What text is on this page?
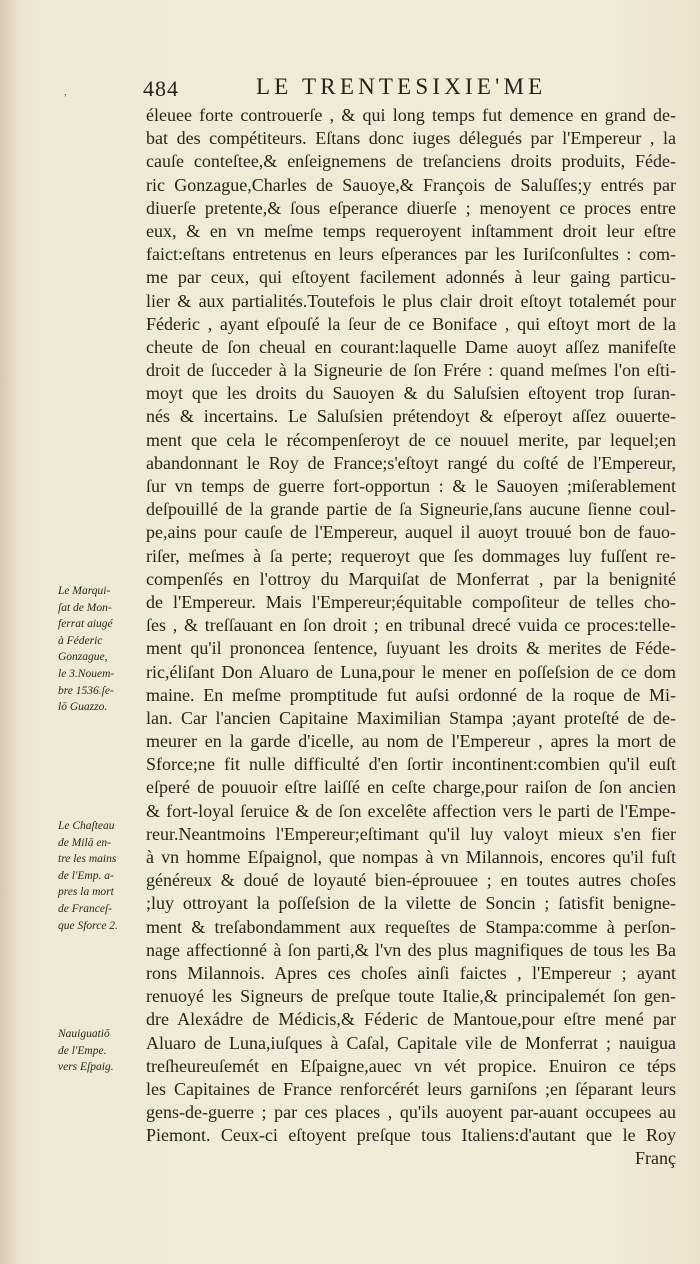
,	484	LE TRENTESIXIE'ME
éleuee forte controuerſe , & qui long temps fut demence en grand de-
bat des compétiteurs. Eſtans donc iuges délegués par l'Empereur , la
cauſe conteſtee,& enſeignemens de treſanciens droits produits, Féde-
ric Gonzague,Charles de Sauoye,& François de Saluſſes;y entrés par
diuerſe pretente,& ſous eſperance diuerſe ; menoyent ce proces entre
eux, & en vn meſme temps requeroyent inſtamment droit leur eſtre
faict:eſtans entretenus en leurs eſperances par les Iuriſconſultes : com-
me par ceux, qui eſtoyent facilement adonnés à leur gaing particu-
lier & aux partialités.Toutefois le plus clair droit eſtoyt totalemét pour
Féderic , ayant eſpouſé la ſeur de ce Boniface , qui eſtoyt mort de la
cheute de ſon cheual en courant:laquelle Dame auoyt aſſez manifeſte
droit de ſucceder à la Signeurie de ſon Frére : quand meſmes l'on eſti-
moyt que les droits du Sauoyen & du Saluſsien eſtoyent trop ſuran-
nés & incertains. Le Saluſsien prétendoyt & eſperoyt aſſez ouuerte-
ment que cela le récompenſeroyt de ce nouuel merite, par lequel;en
abandonnant le Roy de France;s'eſtoyt rangé du coſté de l'Empereur,
ſur vn temps de guerre fort-opportun : & le Sauoyen ;miſerablement
deſpouillé de la grande partie de ſa Signeurie,ſans aucune ſienne coul-
pe,ains pour cauſe de l'Empereur, auquel il auoyt trouué bon de fauo-
riſer, meſmes à ſa perte; requeroyt que ſes dommages luy fuſſent re-
compenſés en l'ottroy du Marquiſat de Monferrat , par la benignité
de l'Empereur. Mais l'Empereur;équitable compoſiteur de telles cho-
ſes , & treſſauant en ſon droit ; en tribunal drecé vuida ce proces:telle-
ment qu'il prononcea ſentence, ſuyuant les droits & merites de Féde-
ric,éliſant Don Aluaro de Luna,pour le mener en poſſeſsion de ce dom
maine. En meſme promptitude fut auſsi ordonné de la roque de Mi-
lan. Car l'ancien Capitaine Maximilian Stampa ;ayant proteſté de de-
meurer en la garde d'icelle, au nom de l'Empereur , apres la mort de
Sforce;ne fit nulle difficulté d'en ſortir incontinent:combien qu'il euſt
eſperé de pouuoir eſtre laiſſé en ceſte charge,pour raiſon de ſon ancien
& fort-loyal ſeruice & de ſon excelête affection vers le parti de l'Empe-
reur.Neantmoins l'Empereur;eſtimant qu'il luy valoyt mieux s'en fier
à vn homme Eſpaignol, que nompas à vn Milannois, encores qu'il fuſt
généreux & doué de loyauté bien-éprouuee ; en toutes autres choſes
;luy ottroyant la poſſeſsion de la vilette de Soncin ; ſatisfit benigne-
ment & treſabondamment aux requeſtes de Stampa:comme à perſon-
nage affectionné à ſon parti,& l'vn des plus magnifiques de tous les Ba
rons Milannois. Apres ces choſes ainſi faictes , l'Empereur ; ayant
renuoyé les Signeurs de preſque toute Italie,& principalemét ſon gen-
dre Alexádre de Médicis,& Féderic de Mantoue,pour eſtre mené par
Aluaro de Luna,iuſques à Caſal, Capitale vile de Monferrat ; nauigua
treſheureuſemét en Eſpaigne,auec vn vét propice. Enuiron ce téps
les Capitaines de France renforcérét leurs garniſons ;en ſéparant leurs
gens-de-guerre ; par ces places , qu'ils auoyent par-auant occupees au
Piemont. Ceux-ci eſtoyent preſque tous Italiens:d'autant que le Roy
Franç
Le Marqui-
ſat de Mon-
ferrat aiugé
à Féderic
Gonzague,
le 3.Nouem-
bre 1536.ſe-
lō Guazzo.
Le Chaſteau
de Milā en-
tre les mains
de l'Emp. a-
pres la mort
de Franceſ-
que Sforce 2.
Nauiguatiō
de l'Empe.
vers Eſpaig.
